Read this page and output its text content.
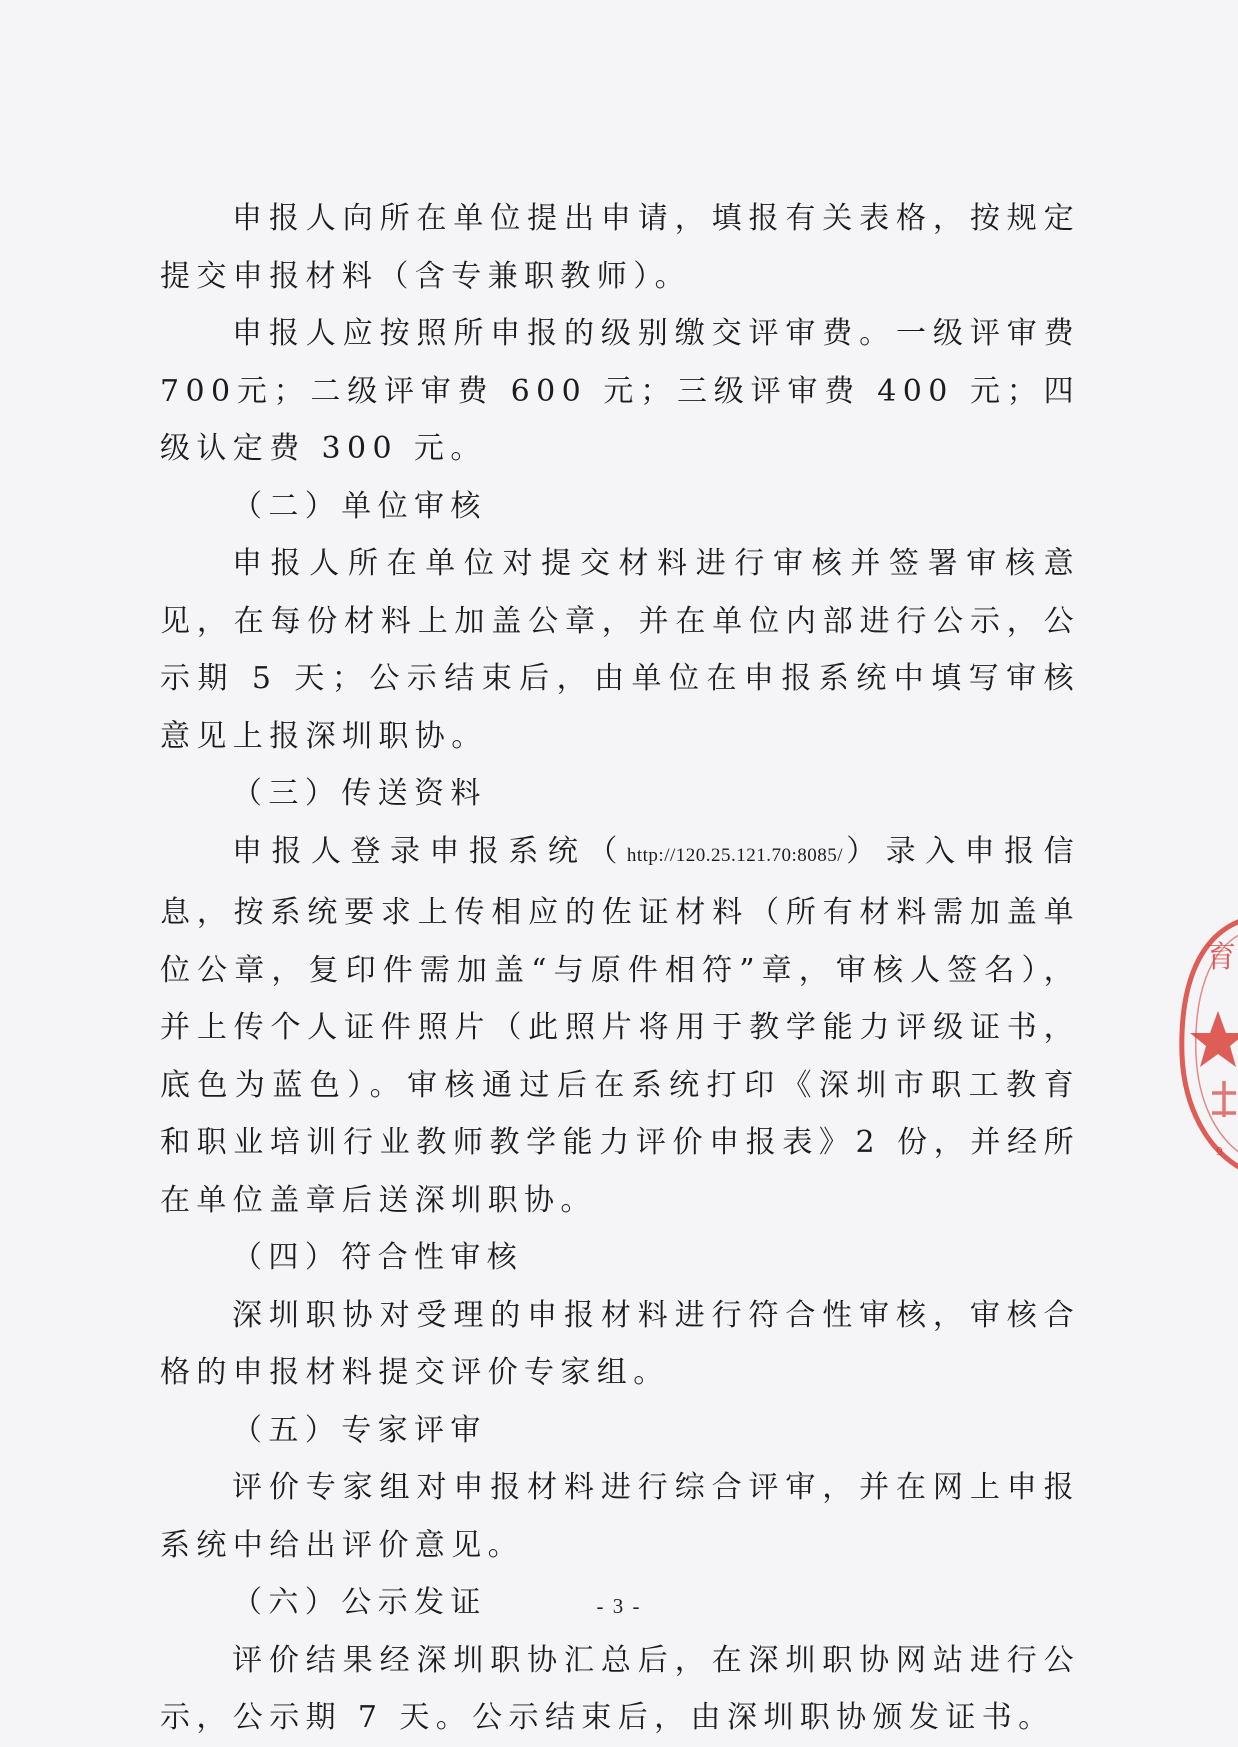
申报人向所在单位提出申请，填报有关表格，按规定提交申报材料（含专兼职教师）。

申报人应按照所申报的级别缴交评审费。一级评审费 700元；二级评审费 600 元；三级评审费 400 元；四级认定费 300 元。

（二）单位审核

申报人所在单位对提交材料进行审核并签署审核意见，在每份材料上加盖公章，并在单位内部进行公示，公示期 5 天；公示结束后，由单位在申报系统中填写审核意见上报深圳职协。

（三）传送资料

申报人登录申报系统（http://120.25.121.70:8085/）录入申报信息，按系统要求上传相应的佐证材料（所有材料需加盖单位公章，复印件需加盖“与原件相符”章，审核人签名），并上传个人证件照片（此照片将用于教学能力评级证书，底色为蓝色）。审核通过后在系统打印《深圳市职工教育和职业培训行业教师教学能力评价申报表》2 份，并经所在单位盖章后送深圳职协。

（四）符合性审核

深圳职协对受理的申报材料进行符合性审核，审核合格的申报材料提交评价专家组。

（五）专家评审

评价专家组对申报材料进行综合评审，并在网上申报系统中给出评价意见。

（六）公示发证

评价结果经深圳职协汇总后，在深圳职协网站进行公示，公示期 7 天。公示结束后，由深圳职协颁发证书。

育
9
- 3 -
